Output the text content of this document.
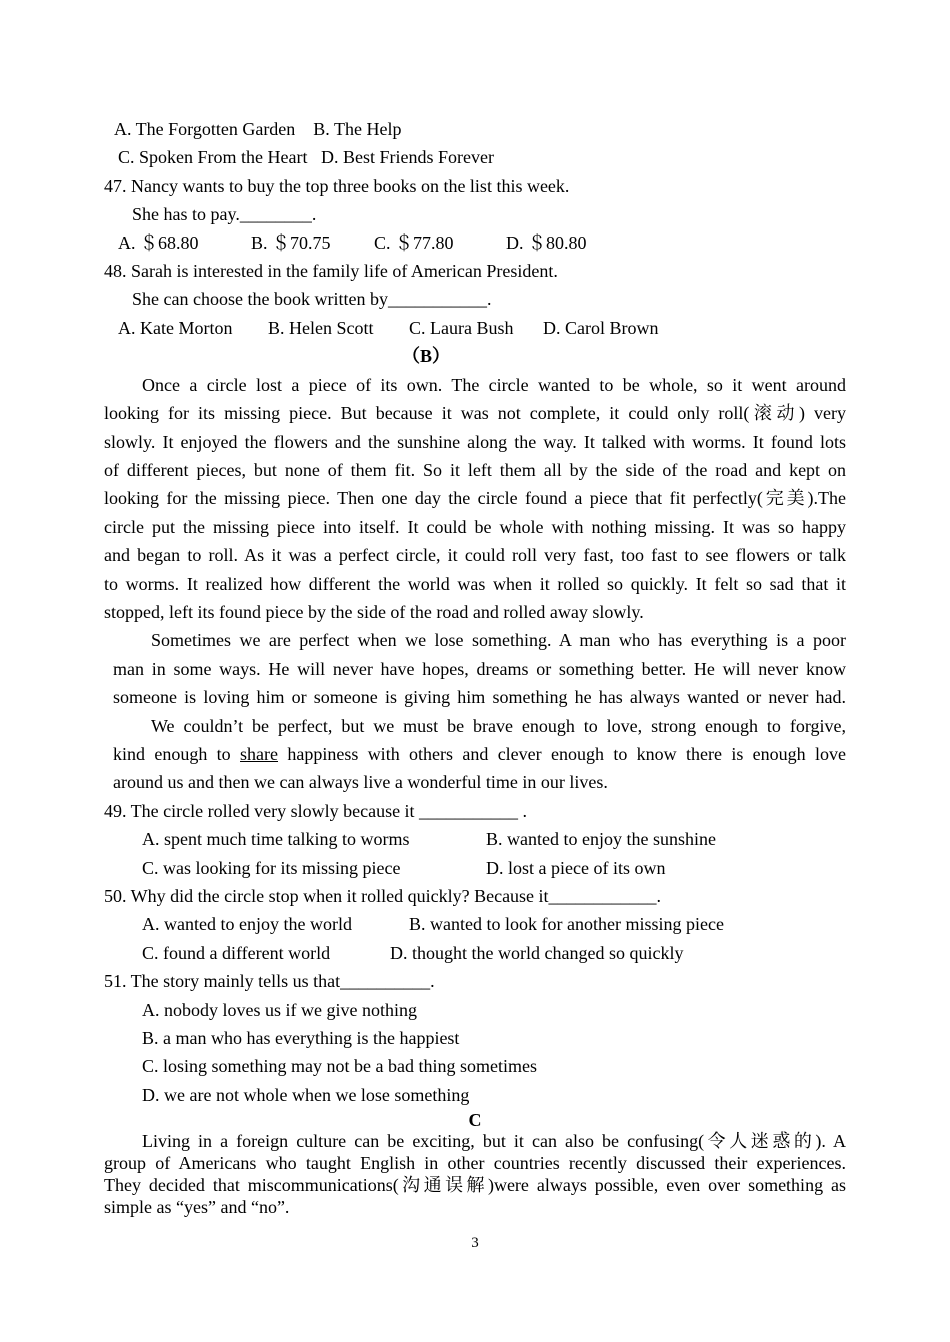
A. The Forgotten Garden    B. The Help
C. Spoken From the Heart   D. Best Friends Forever
47. Nancy wants to buy the top three books on the list this week.
She has to pay.________.
A. ＄68.80	B. ＄70.75 C. ＄77.80	D. ＄80.80
48. Sarah is interested in the family life of American President.
She can choose the book written by___________.
A. Kate Morton B. Helen Scott C. Laura Bush D. Carol Brown
（B）
Once a circle lost a piece of its own. The circle wanted to be whole, so it went around
looking for its missing piece. But because it was not complete, it could only roll(滚动) very
slowly. It enjoyed the flowers and the sunshine along the way. It talked with worms. It found lots
of different pieces, but none of them fit. So it left them all by the side of the road and kept on
looking for the missing piece. Then one day the circle found a piece that fit perfectly(完美).The
circle put the missing piece into itself. It could be whole with nothing missing. It was so happy
and began to roll. As it was a perfect circle, it could roll very fast, too fast to see flowers or talk
to worms. It realized how different the world was when it rolled so quickly. It felt so sad that it
stopped, left its found piece by the side of the road and rolled away slowly.
Sometimes we are perfect when we lose something. A man who has everything is a poor
man in some ways. He will never have hopes, dreams or something better. He will never know
someone is loving him or someone is giving him something he has always wanted or never had.
We couldn’t be perfect, but we must be brave enough to love, strong enough to forgive,
kind enough to share happiness with others and clever enough to know there is enough love
around us and then we can always live a wonderful time in our lives.
49. The circle rolled very slowly because it ___________ .
A. spent much time talking to worms	B. wanted to enjoy the sunshine
C. was looking for its missing piece	D. lost a piece of its own
50. Why did the circle stop when it rolled quickly? Because it____________.
A. wanted to enjoy the world	B. wanted to look for another missing piece
C. found a different world	D. thought the world changed so quickly
51. The story mainly tells us that__________.
A. nobody loves us if we give nothing
B. a man who has everything is the happiest
C. losing something may not be a bad thing sometimes
D. we are not whole when we lose something
C
Living in a foreign culture can be exciting, but it can also be confusing(令人迷惑的). A
group of Americans who taught English in other countries recently discussed their experiences.
They decided that miscommunications(沟通误解)were always possible, even over something as
simple as “yes” and “no”.
3
